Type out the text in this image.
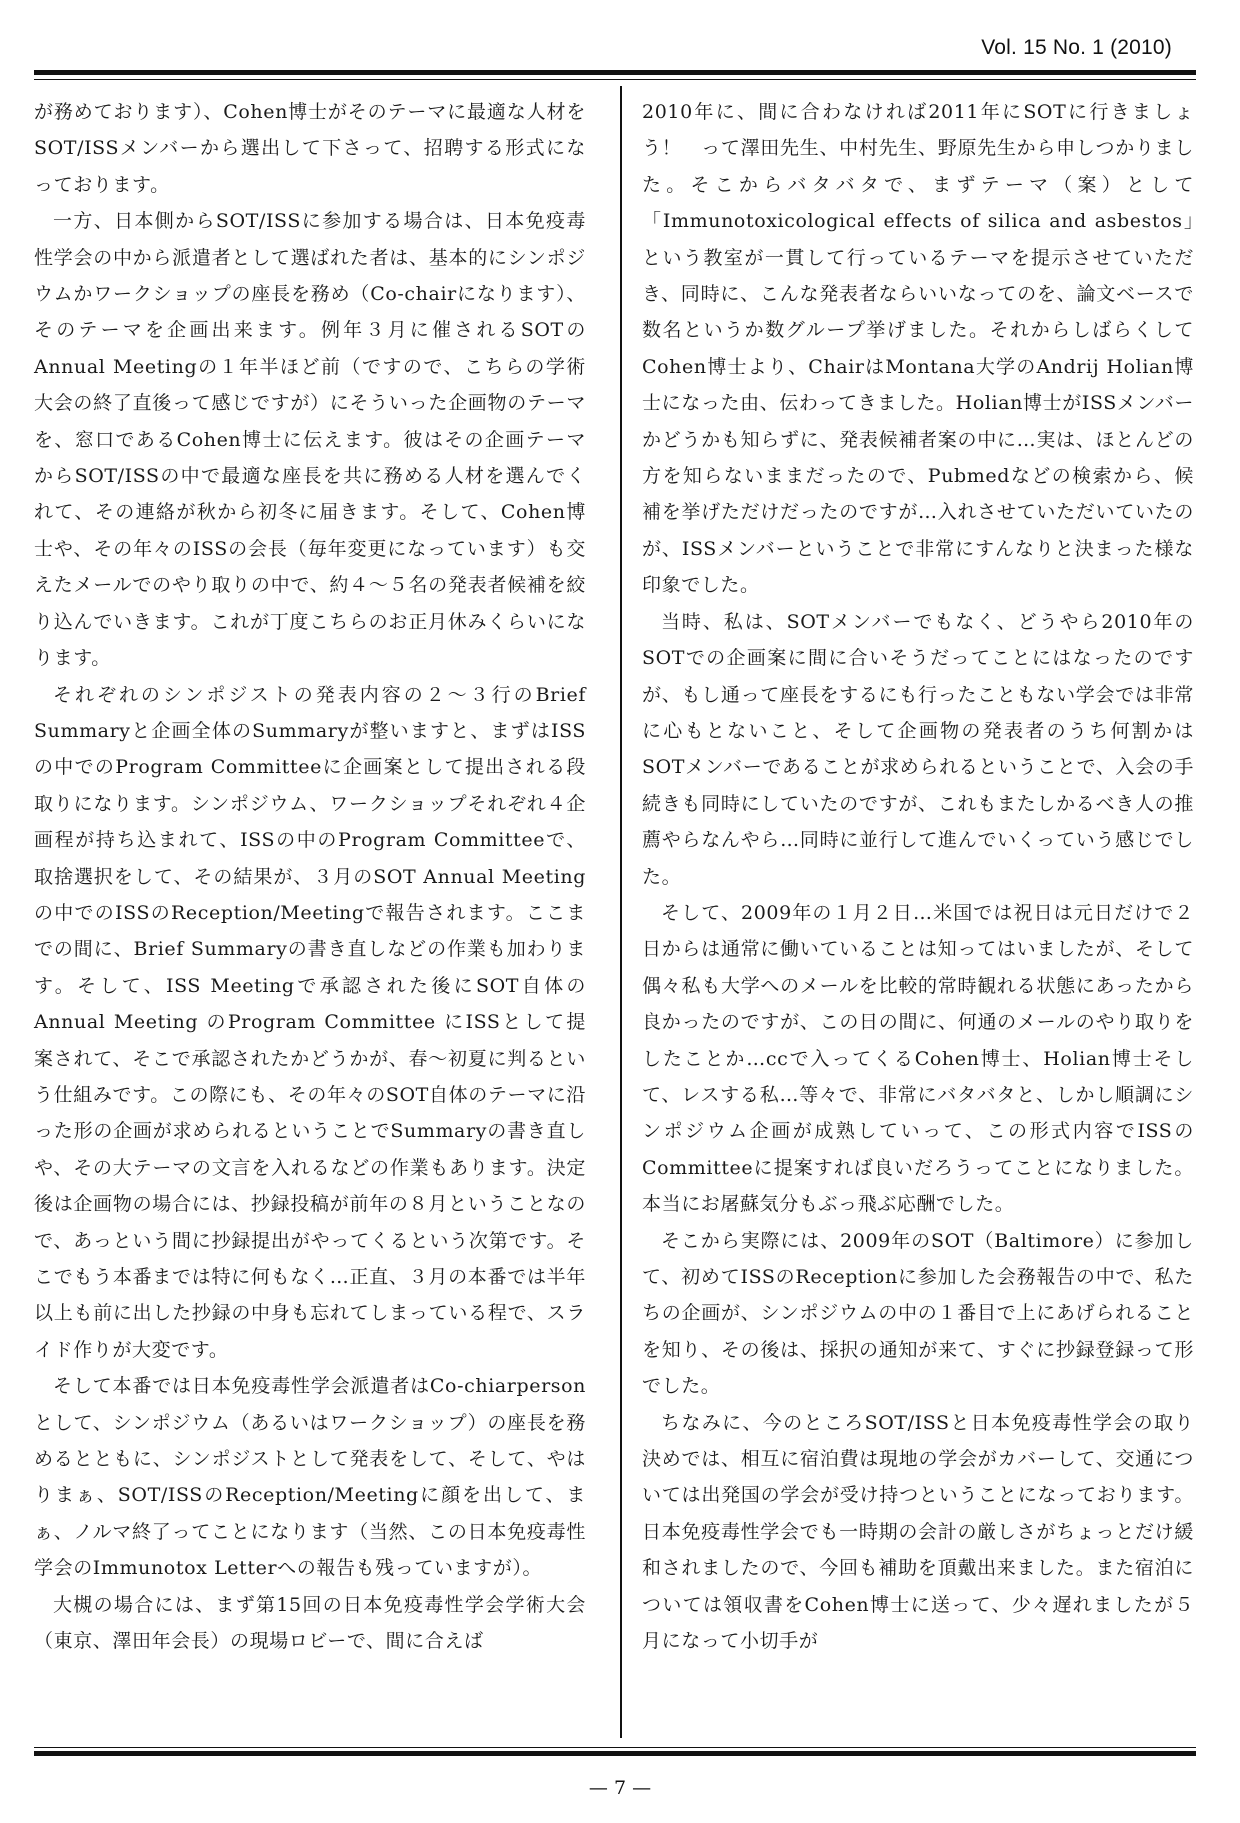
Vol. 15 No. 1 (2010)

が務めております）、Cohen博士がそのテーマに最適な人材をSOT/ISSメンバーから選出して下さって、招聘する形式になっております。

一方、日本側からSOT/ISSに参加する場合は、日本免疫毒性学会の中から派遣者として選ばれた者は、基本的にシンポジウムかワークショップの座長を務め（Co-chairになります）、そのテーマを企画出来ます。例年３月に催されるSOTのAnnual Meetingの１年半ほど前（ですので、こちらの学術大会の終了直後って感じですが）にそういった企画物のテーマを、窓口であるCohen博士に伝えます。彼はその企画テーマからSOT/ISSの中で最適な座長を共に務める人材を選んでくれて、その連絡が秋から初冬に届きます。そして、Cohen博士や、その年々のISSの会長（毎年変更になっています）も交えたメールでのやり取りの中で、約４～５名の発表者候補を絞り込んでいきます。これが丁度こちらのお正月休みくらいになります。

それぞれのシンポジストの発表内容の２～３行のBrief Summaryと企画全体のSummaryが整いますと、まずはISSの中でのProgram Committeeに企画案として提出される段取りになります。シンポジウム、ワークショップそれぞれ４企画程が持ち込まれて、ISSの中のProgram Committeeで、取捨選択をして、その結果が、３月のSOT Annual Meetingの中でのISSのReception/Meetingで報告されます。ここまでの間に、Brief Summaryの書き直しなどの作業も加わります。そして、ISS Meetingで承認された後にSOT自体のAnnual Meeting のProgram Committee にISSとして提案されて、そこで承認されたかどうかが、春～初夏に判るという仕組みです。この際にも、その年々のSOT自体のテーマに沿った形の企画が求められるということでSummaryの書き直しや、その大テーマの文言を入れるなどの作業もあります。決定後は企画物の場合には、抄録投稿が前年の８月ということなので、あっという間に抄録提出がやってくるという次第です。そこでもう本番までは特に何もなく…正直、３月の本番では半年以上も前に出した抄録の中身も忘れてしまっている程で、スライド作りが大変です。

そして本番では日本免疫毒性学会派遣者はCo-chiarpersonとして、シンポジウム（あるいはワークショップ）の座長を務めるとともに、シンポジストとして発表をして、そして、やはりまぁ、SOT/ISSのReception/Meetingに顔を出して、まぁ、ノルマ終了ってことになります（当然、この日本免疫毒性学会のImmunotox Letterへの報告も残っていますが）。

大槻の場合には、まず第15回の日本免疫毒性学会学術大会（東京、澤田年会長）の現場ロビーで、間に合えば

2010年に、間に合わなければ2011年にSOTに行きましょう！　って澤田先生、中村先生、野原先生から申しつかりました。そこからバタバタで、まずテーマ（案）として「Immunotoxicological effects of silica and asbestos」という教室が一貫して行っているテーマを提示させていただき、同時に、こんな発表者ならいいなってのを、論文ベースで数名というか数グループ挙げました。それからしばらくしてCohen博士より、ChairはMontana大学のAndrij Holian博士になった由、伝わってきました。Holian博士がISSメンバーかどうかも知らずに、発表候補者案の中に…実は、ほとんどの方を知らないままだったので、Pubmedなどの検索から、候補を挙げただけだったのですが…入れさせていただいていたのが、ISSメンバーということで非常にすんなりと決まった様な印象でした。

当時、私は、SOTメンバーでもなく、どうやら2010年のSOTでの企画案に間に合いそうだってことにはなったのですが、もし通って座長をするにも行ったこともない学会では非常に心もとないこと、そして企画物の発表者のうち何割かはSOTメンバーであることが求められるということで、入会の手続きも同時にしていたのですが、これもまたしかるべき人の推薦やらなんやら…同時に並行して進んでいくっていう感じでした。

そして、2009年の１月２日…米国では祝日は元日だけで２日からは通常に働いていることは知ってはいましたが、そして偶々私も大学へのメールを比較的常時観れる状態にあったから良かったのですが、この日の間に、何通のメールのやり取りをしたことか…ccで入ってくるCohen博士、Holian博士そして、レスする私…等々で、非常にバタバタと、しかし順調にシンポジウム企画が成熟していって、この形式内容でISSのCommitteeに提案すれば良いだろうってことになりました。本当にお屠蘇気分もぶっ飛ぶ応酬でした。

そこから実際には、2009年のSOT（Baltimore）に参加して、初めてISSのReceptionに参加した会務報告の中で、私たちの企画が、シンポジウムの中の１番目で上にあげられることを知り、その後は、採択の通知が来て、すぐに抄録登録って形でした。

ちなみに、今のところSOT/ISSと日本免疫毒性学会の取り決めでは、相互に宿泊費は現地の学会がカバーして、交通については出発国の学会が受け持つということになっております。日本免疫毒性学会でも一時期の会計の厳しさがちょっとだけ緩和されましたので、今回も補助を頂戴出来ました。また宿泊については領収書をCohen博士に送って、少々遅れましたが５月になって小切手が

— 7 —
